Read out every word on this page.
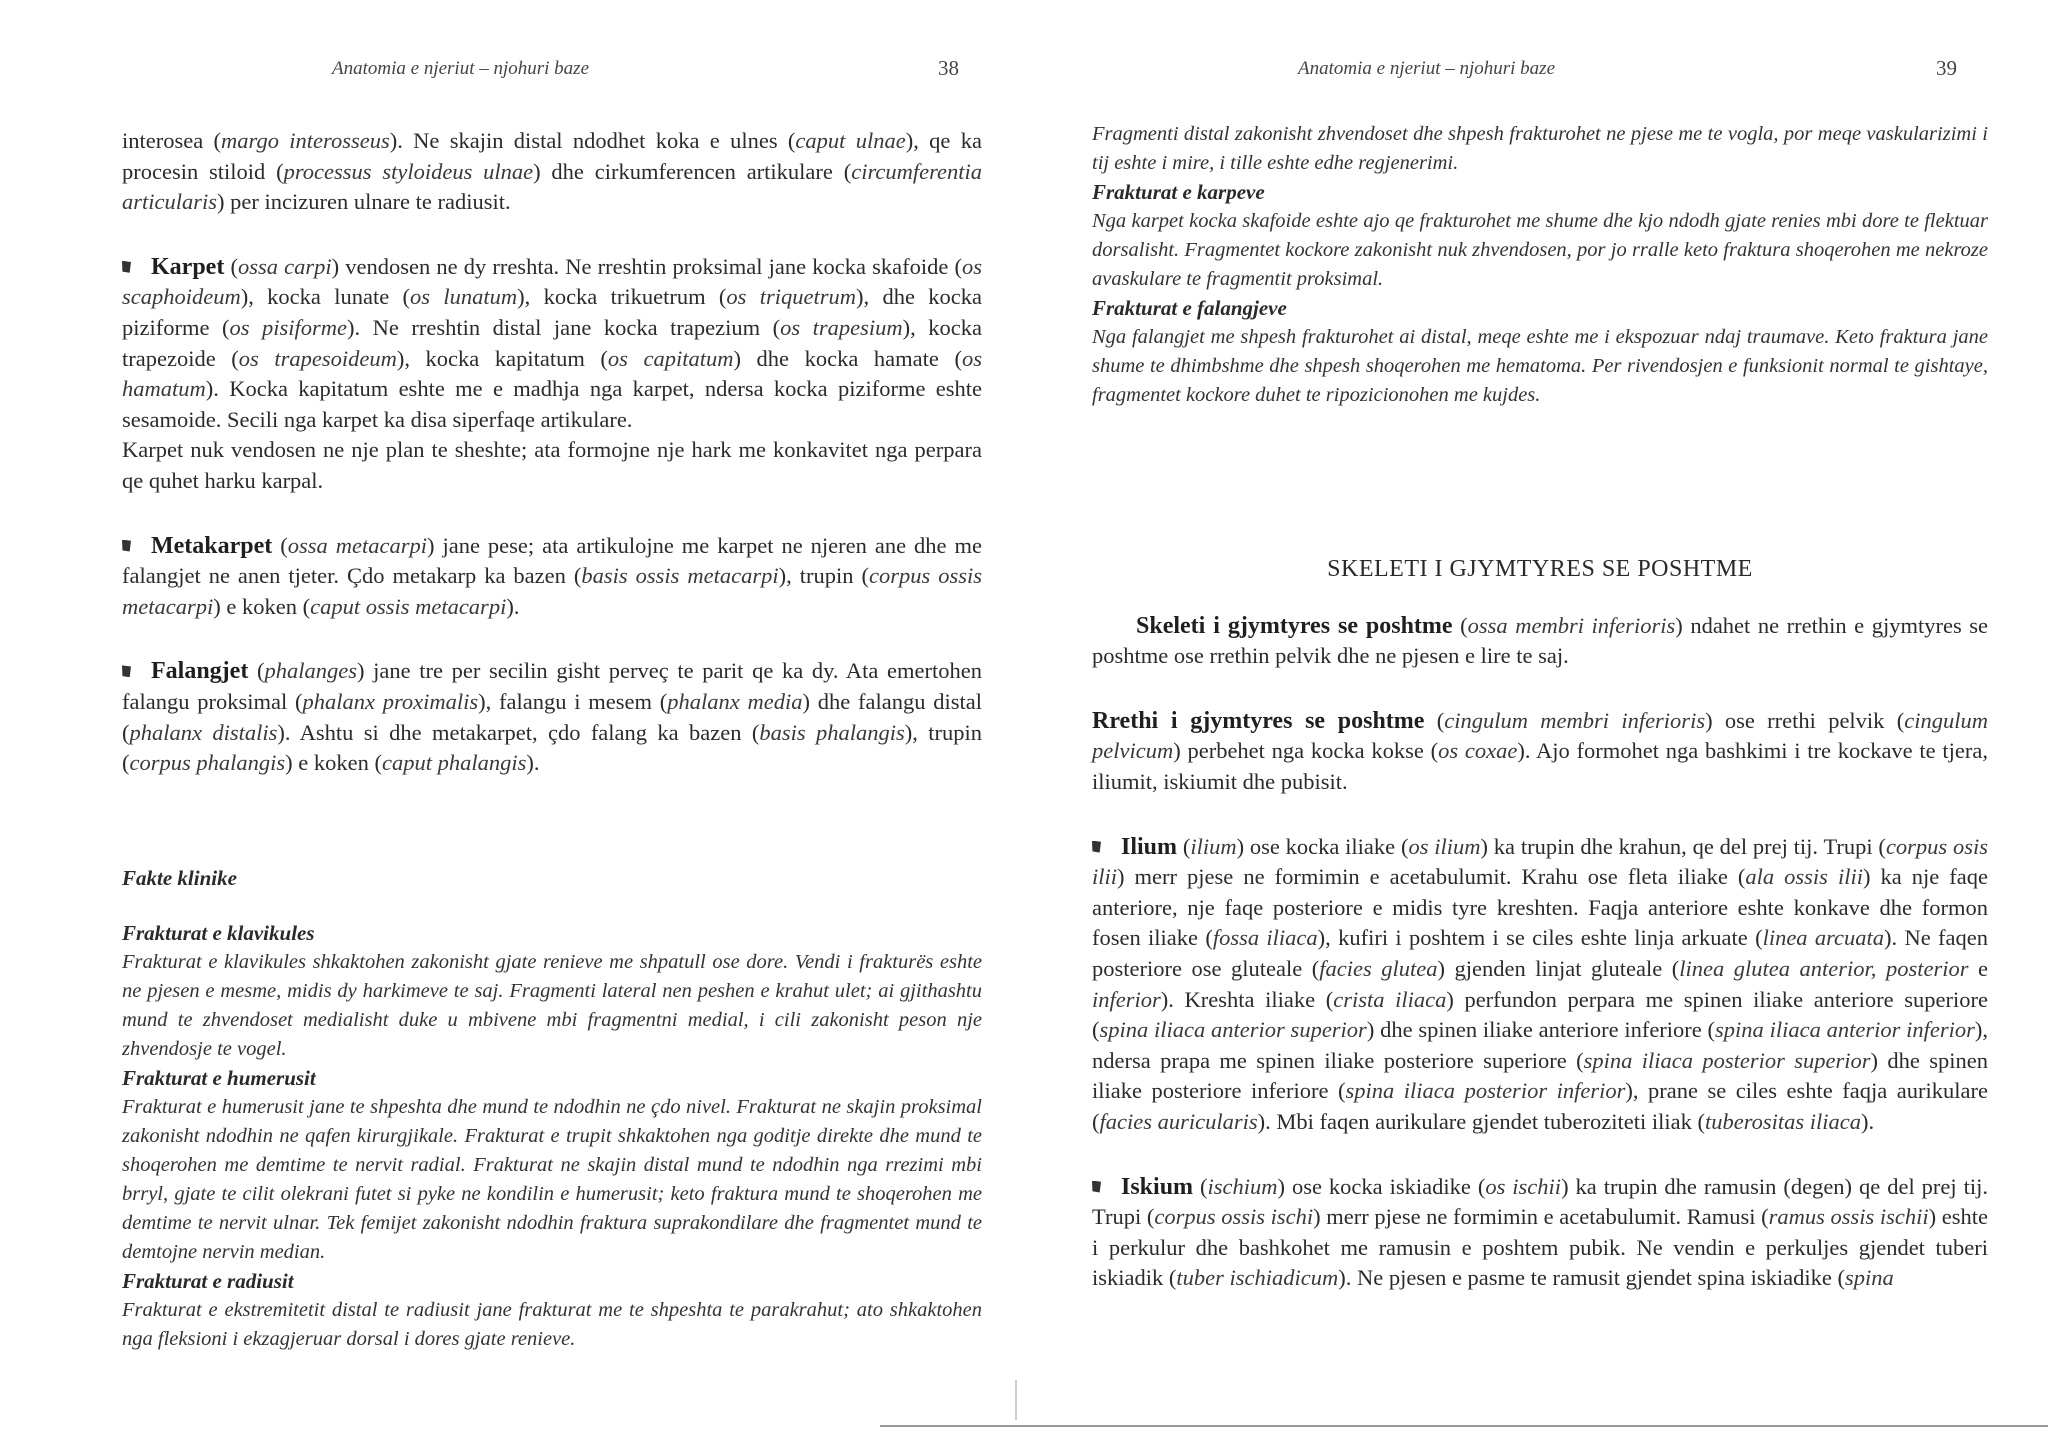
Anatomia e njeriut – njohuri baze	38

interosea (margo interosseus). Ne skajin distal ndodhet koka e ulnes (caput ulnae), qe ka procesin stiloid (processus styloideus ulnae) dhe cirkumferencen artikulare (circumferentia articularis) per incizuren ulnare te radiusit.

Karpet (ossa carpi) vendosen ne dy rreshta. Ne rreshtin proksimal jane kocka skafoide (os scaphoideum), kocka lunate (os lunatum), kocka trikuetrum (os triquetrum), dhe kocka piziforme (os pisiforme). Ne rreshtin distal jane kocka trapezium (os trapesium), kocka trapezoide (os trapesoideum), kocka kapitatum (os capitatum) dhe kocka hamate (os hamatum). Kocka kapitatum eshte me e madhja nga karpet, ndersa kocka piziforme eshte sesamoide. Secili nga karpet ka disa siperfaqe artikulare.
Karpet nuk vendosen ne nje plan te sheshte; ata formojne nje hark me konkavitet nga perpara qe quhet harku karpal.

Metakarpet (ossa metacarpi) jane pese; ata artikulojne me karpet ne njeren ane dhe me falangjet ne anen tjeter. Çdo metakarp ka bazen (basis ossis metacarpi), trupin (corpus ossis metacarpi) e koken (caput ossis metacarpi).

Falangjet (phalanges) jane tre per secilin gisht perveç te parit qe ka dy. Ata emertohen falangu proksimal (phalanx proximalis), falangu i mesem (phalanx media) dhe falangu distal (phalanx distalis). Ashtu si dhe metakarpet, çdo falang ka bazen (basis phalangis), trupin (corpus phalangis) e koken (caput phalangis).

Fakte klinike
Frakturat e klavikules
Frakturat e klavikules shkaktohen zakonisht gjate renieve me shpatull ose dore. Vendi i frakturës eshte ne pjesen e mesme, midis dy harkimeve te saj. Fragmenti lateral nen peshen e krahut ulet; ai gjithashtu mund te zhvendoset medialisht duke u mbivene mbi fragmentni medial, i cili zakonisht peson nje zhvendosje te vogel.
Frakturat e humerusit
Frakturat e humerusit jane te shpeshta dhe mund te ndodhin ne çdo nivel. Frakturat ne skajin proksimal zakonisht ndodhin ne qafen kirurgjikale. Frakturat e trupit shkaktohen nga goditje direkte dhe mund te shoqerohen me demtime te nervit radial. Frakturat ne skajin distal mund te ndodhin nga rrezimi mbi brryl, gjate te cilit olekrani futet si pyke ne kondilin e humerusit; keto fraktura mund te shoqerohen me demtime te nervit ulnar. Tek femijet zakonisht ndodhin fraktura suprakondilare dhe fragmentet mund te demtojne nervin median.
Frakturat e radiusit
Frakturat e ekstremitetit distal te radiusit jane frakturat me te shpeshta te parakrahut; ato shkaktohen nga fleksioni i ekzagjeruar dorsal i dores gjate renieve.
Anatomia e njeriut – njohuri baze	39
Fragmenti distal zakonisht zhvendoset dhe shpesh frakturohet ne pjese me te vogla, por meqe vaskularizimi i tij eshte i mire, i tille eshte edhe regjenerimi.
Frakturat e karpeve
Nga karpet kocka skafoide eshte ajo qe frakturohet me shume dhe kjo ndodh gjate renies mbi dore te flektuar dorsalisht. Fragmentet kockore zakonisht nuk zhvendosen, por jo rralle keto fraktura shoqerohen me nekroze avaskulare te fragmentit proksimal.
Frakturat e falangjeve
Nga falangjet me shpesh frakturohet ai distal, meqe eshte me i ekspozuar ndaj traumave. Keto fraktura jane shume te dhimbshme dhe shpesh shoqerohen me hematoma. Per rivendosjen e funksionit normal te gishtaye, fragmentet kockore duhet te ripozicionohen me kujdes.

SKELETI I GJYMTYRES SE POSHTME

Skeleti i gjymtyres se poshtme (ossa membri inferioris) ndahet ne rrethin e gjymtyres se poshtme ose rrethin pelvik dhe ne pjesen e lire te saj.

Rrethi i gjymtyres se poshtme (cingulum membri inferioris) ose rrethi pelvik (cingulum pelvicum) perbehet nga kocka kokse (os coxae). Ajo formohet nga bashkimi i tre kockave te tjera, iliumit, iskiumit dhe pubisit.

Ilium (ilium) ose kocka iliake (os ilium) ka trupin dhe krahun, qe del prej tij. Trupi (corpus osis ilii) merr pjese ne formimin e acetabulumit. Krahu ose fleta iliake (ala ossis ilii) ka nje faqe anteriore, nje faqe posteriore e midis tyre kreshten. Faqja anteriore eshte konkave dhe formon fosen iliake (fossa iliaca), kufiri i poshtem i se ciles eshte linja arkuate (linea arcuata). Ne faqen posteriore ose gluteale (facies glutea) gjenden linjat gluteale (linea glutea anterior, posterior e inferior). Kreshta iliake (crista iliaca) perfundon perpara me spinen iliake anteriore superiore (spina iliaca anterior superior) dhe spinen iliake anteriore inferiore (spina iliaca anterior inferior), ndersa prapa me spinen iliake posteriore superiore (spina iliaca posterior superior) dhe spinen iliake posteriore inferiore (spina iliaca posterior inferior), prane se ciles eshte faqja aurikulare (facies auricularis). Mbi faqen aurikulare gjendet tuberoziteti iliak (tuberositas iliaca).

Iskium (ischium) ose kocka iskiadike (os ischii) ka trupin dhe ramusin (degen) qe del prej tij. Trupi (corpus ossis ischi) merr pjese ne formimin e acetabulumit. Ramusi (ramus ossis ischii) eshte i perkulur dhe bashkohet me ramusin e poshtem pubik. Ne vendin e perkuljes gjendet tuberi iskiadik (tuber ischiadicum). Ne pjesen e pasme te ramusit gjendet spina iskiadike (spina
